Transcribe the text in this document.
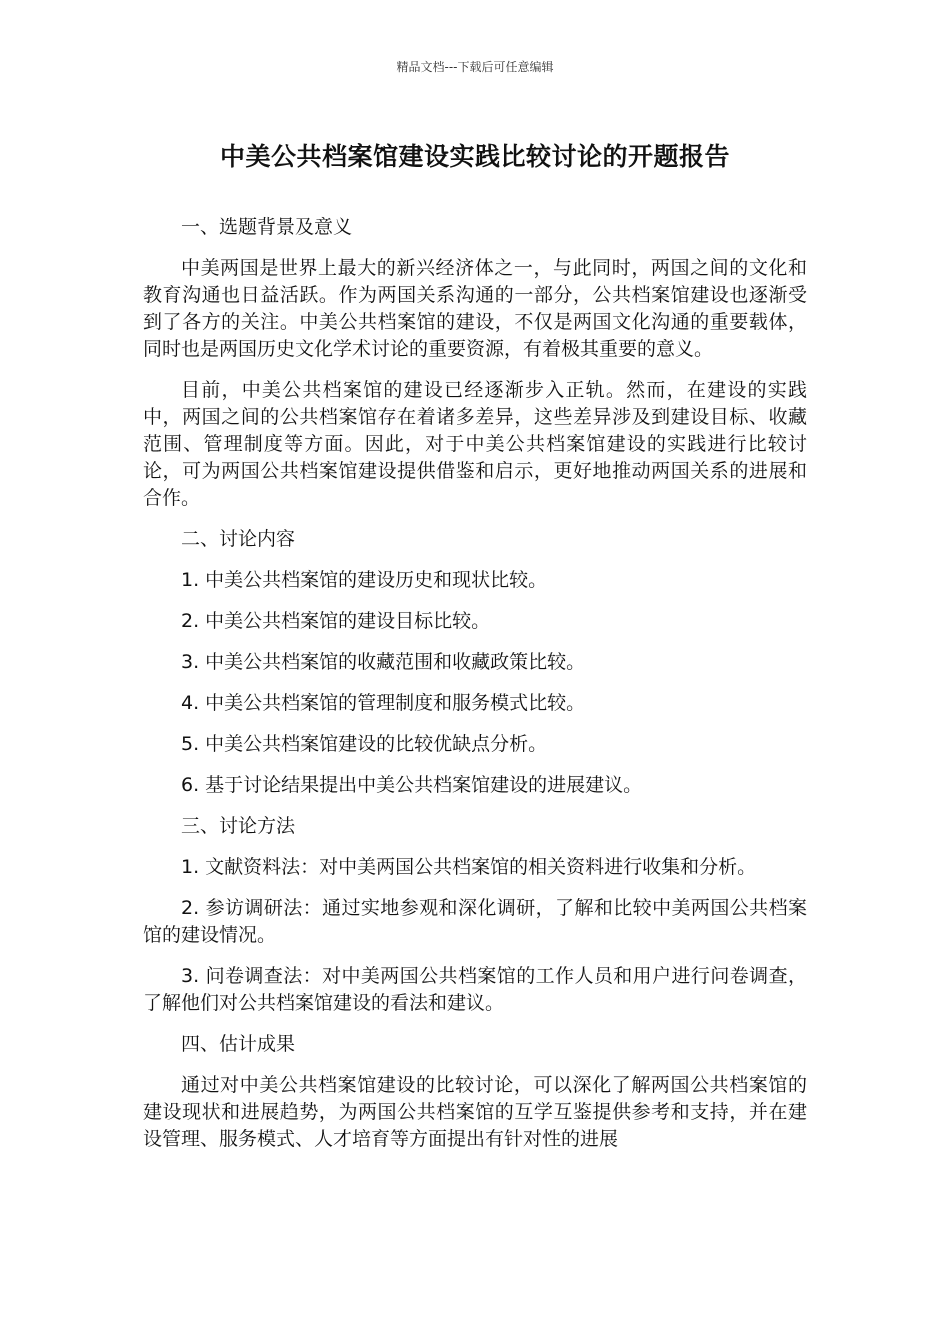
精品文档---下载后可任意编辑
中美公共档案馆建设实践比较讨论的开题报告

一、选题背景及意义

中美两国是世界上最大的新兴经济体之一，与此同时，两国之间的文化和教育沟通也日益活跃。作为两国关系沟通的一部分，公共档案馆建设也逐渐受到了各方的关注。中美公共档案馆的建设，不仅是两国文化沟通的重要载体，同时也是两国历史文化学术讨论的重要资源，有着极其重要的意义。

目前，中美公共档案馆的建设已经逐渐步入正轨。然而，在建设的实践中，两国之间的公共档案馆存在着诸多差异，这些差异涉及到建设目标、收藏范围、管理制度等方面。因此，对于中美公共档案馆建设的实践进行比较讨论，可为两国公共档案馆建设提供借鉴和启示，更好地推动两国关系的进展和合作。

二、讨论内容

1. 中美公共档案馆的建设历史和现状比较。

2. 中美公共档案馆的建设目标比较。

3. 中美公共档案馆的收藏范围和收藏政策比较。

4. 中美公共档案馆的管理制度和服务模式比较。

5. 中美公共档案馆建设的比较优缺点分析。

6. 基于讨论结果提出中美公共档案馆建设的进展建议。

三、讨论方法

1. 文献资料法：对中美两国公共档案馆的相关资料进行收集和分析。

2. 参访调研法：通过实地参观和深化调研，了解和比较中美两国公共档案馆的建设情况。

3. 问卷调查法：对中美两国公共档案馆的工作人员和用户进行问卷调查，了解他们对公共档案馆建设的看法和建议。

四、估计成果

通过对中美公共档案馆建设的比较讨论，可以深化了解两国公共档案馆的建设现状和进展趋势，为两国公共档案馆的互学互鉴提供参考和支持，并在建设管理、服务模式、人才培育等方面提出有针对性的进展
